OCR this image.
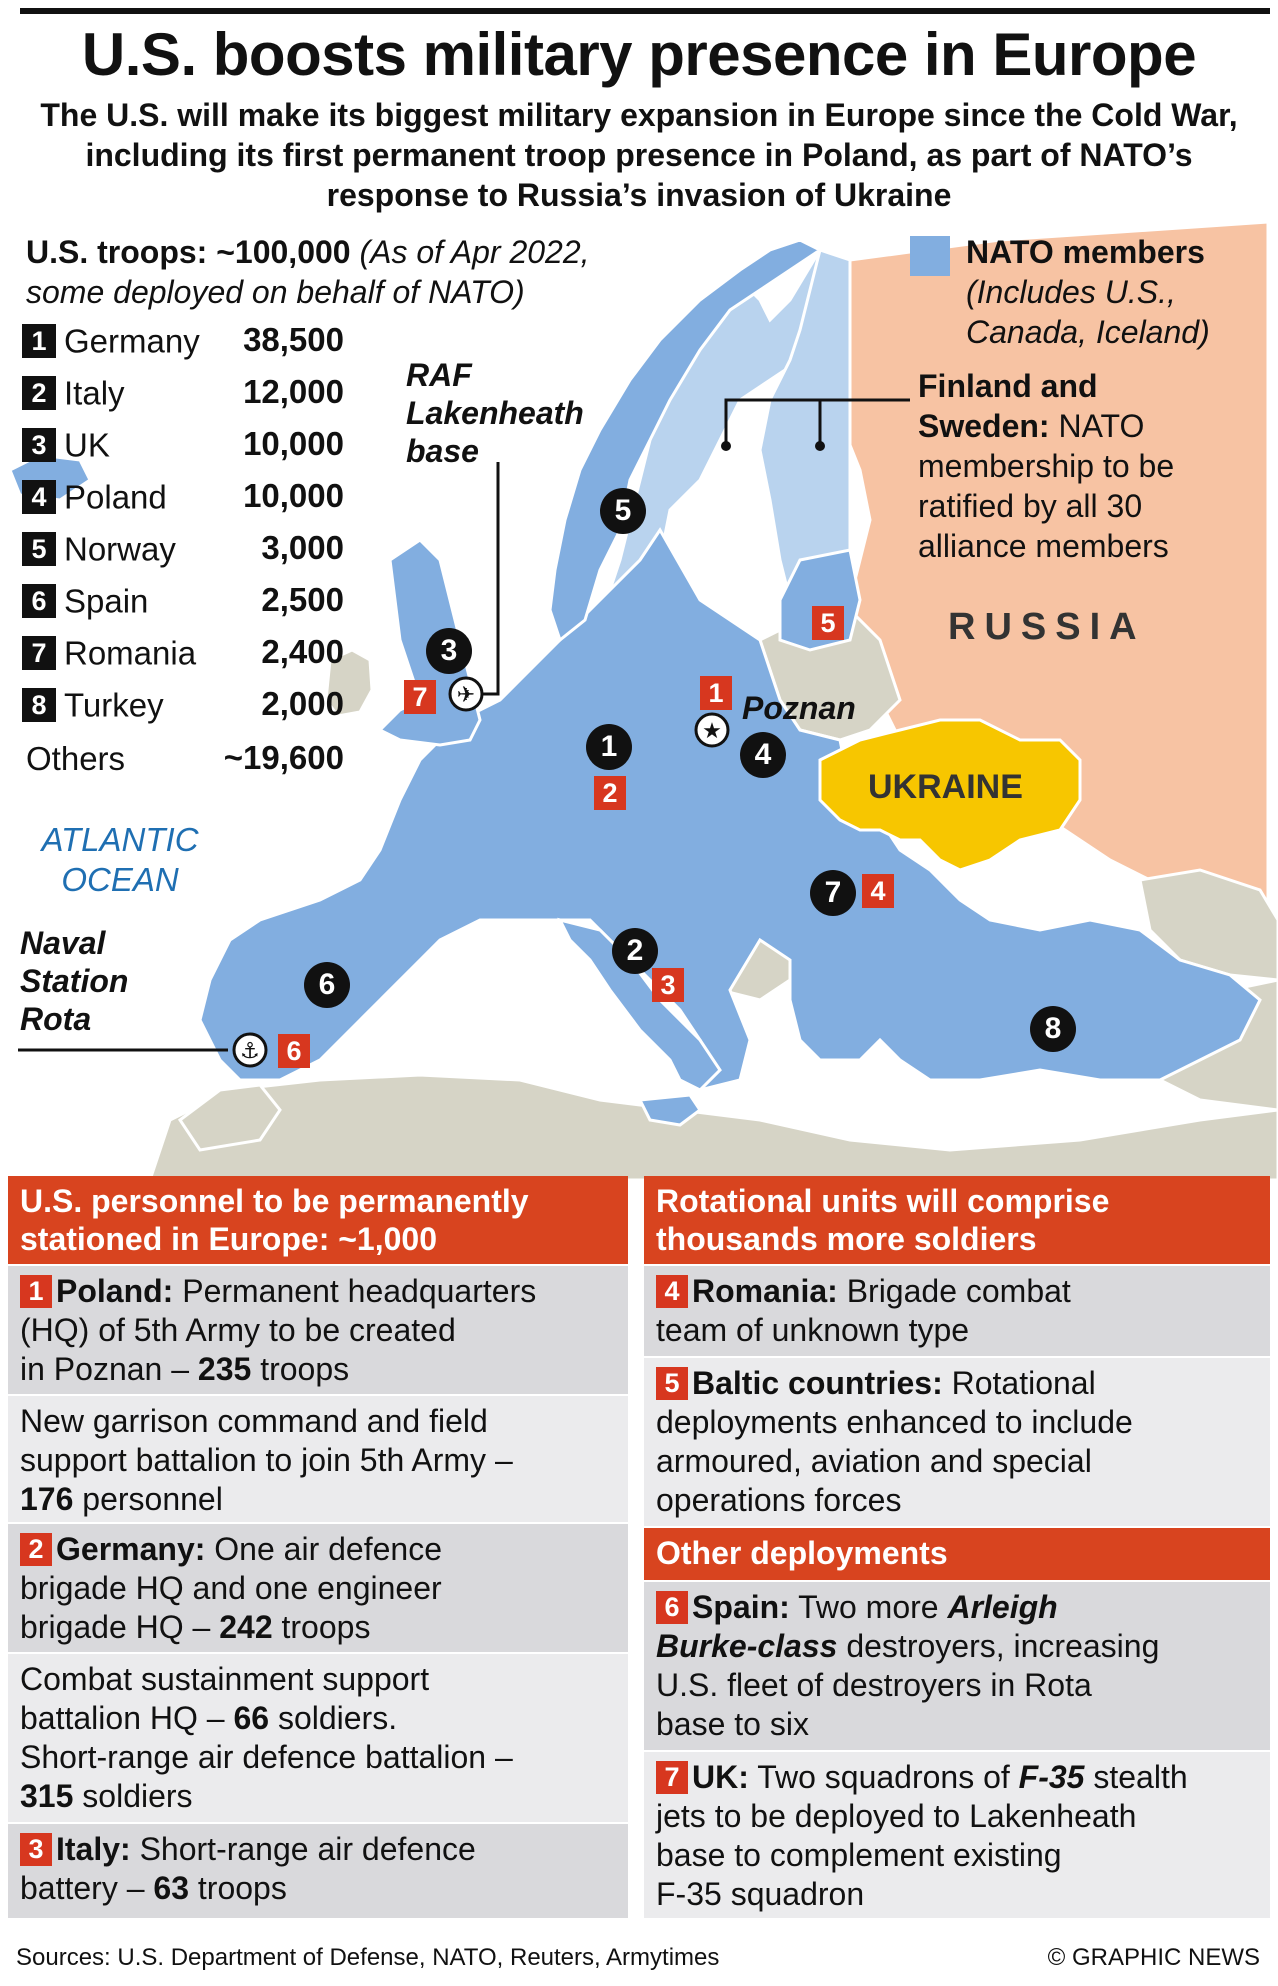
✈
⚓
★
U.S. boosts military presence in Europe
The U.S. will make its biggest military expansion in Europe since the Cold War, including its first permanent troop presence in Poland, as part of NATO’s response to Russia’s invasion of Ukraine
U.S. troops: ~100,000 (As of Apr 2022,
some deployed on behalf of NATO)
1 Germany 38,500
2 Italy	12,000
3 UK	10,000
4 Poland 10,000
5 Norway	3,000
6 Spain	2,500
7 Romania 2,400
8 Turkey	2,000
Others	~19,600
RAF
Lakenheath
base
ATLANTIC
OCEAN
Naval
Station
Rota
NATO members
(Includes U.S.,
Canada, Iceland)
Finland and
Sweden: NATO
membership to be
ratified by all 30
alliance members
RUSSIA
UKRAINE
Poznan
1
2
3
4
5
6
7
8
1
2
3
4
5
6
7
U.S. personnel to be permanently
stationed in Europe: ~1,000
1 Poland: Permanent headquarters
(HQ) of 5th Army to be created
in Poznan – 235 troops
New garrison command and field
support battalion to join 5th Army –
176 personnel
2 Germany: One air defence
brigade HQ and one engineer
brigade HQ – 242 troops
Combat sustainment support
battalion HQ – 66 soldiers.
Short-range air defence battalion –
315 soldiers
3 Italy: Short-range air defence
battery – 63 troops
Rotational units will comprise
thousands more soldiers
4 Romania: Brigade combat
team of unknown type
5 Baltic countries: Rotational
deployments enhanced to include
armoured, aviation and special
operations forces
Other deployments
6 Spain: Two more Arleigh
Burke-class destroyers, increasing
U.S. fleet of destroyers in Rota
base to six
7 UK: Two squadrons of F-35 stealth
jets to be deployed to Lakenheath
base to complement existing
F-35 squadron
Sources: U.S. Department of Defense, NATO, Reuters, Armytimes	© GRAPHIC NEWS
